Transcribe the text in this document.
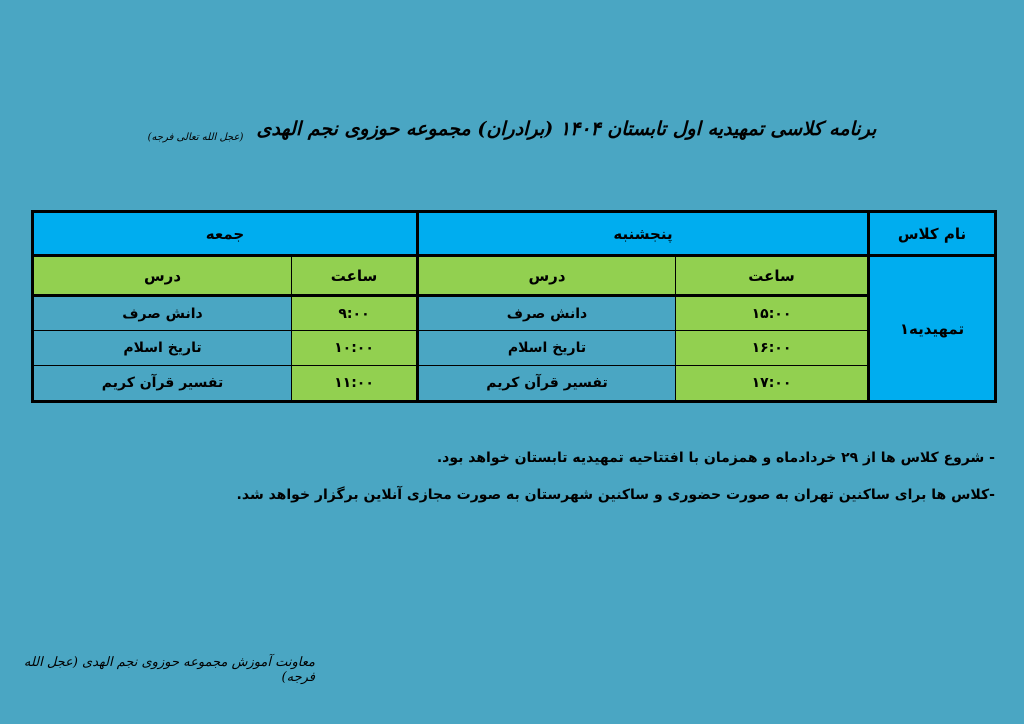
برنامه کلاسی تمهیدیه اول تابستان ۱۴۰۴ (برادران) مجموعه حوزوی نجم الهدی (عجل الله تعالی فرجه)
نام کلاس	پنجشنبه		جمعه	
تمهیدیه۱	ساعت	درس	ساعت	درس
	۱۵:۰۰	دانش صرف	۹:۰۰	دانش صرف
	۱۶:۰۰	تاریخ اسلام	۱۰:۰۰	تاریخ اسلام
	۱۷:۰۰	تفسیر قرآن کریم	۱۱:۰۰	تفسیر قرآن کریم
- شروع کلاس ها از ۲۹ خردادماه و همزمان با افتتاحیه تمهیدیه تابستان خواهد بود.
-کلاس ها برای ساکنین تهران به صورت حضوری و ساکنین شهرستان به صورت مجازی آنلاین برگزار خواهد شد.
معاونت آموزش مجموعه حوزوی نجم الهدی (عجل الله فرجه)
